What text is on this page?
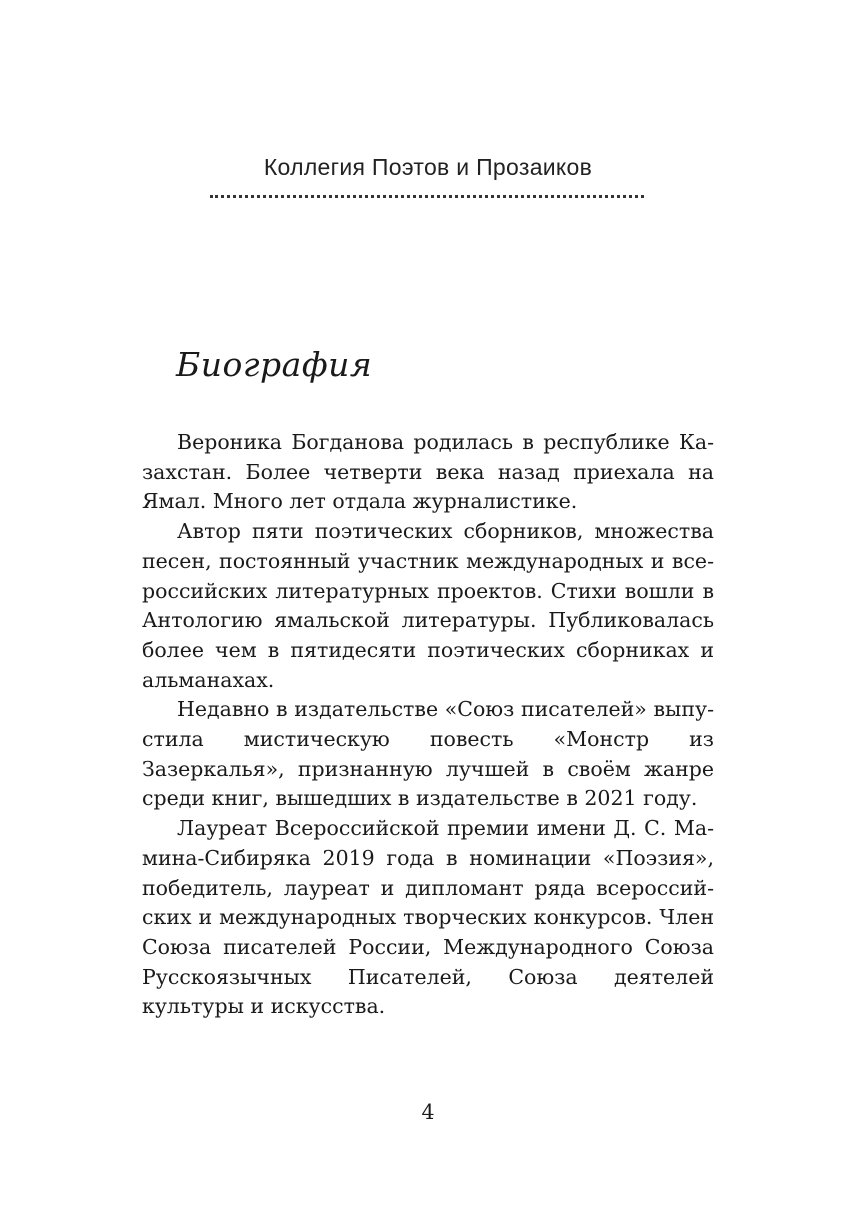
Коллегия Поэтов и Прозаиков
Биография

Вероника Богданова родилась в республике Казахстан. Более четверти века назад приехала на Ямал. Много лет отдала журналистике.

Автор пяти поэтических сборников, множества песен, постоянный участник международных и всероссийских литературных проектов. Стихи вошли в Антологию ямальской литературы. Публиковалась более чем в пятидесяти поэтических сборниках и альманахах.

Недавно в издательстве «Союз писателей» выпустила мистическую повесть «Монстр из Зазеркалья», признанную лучшей в своём жанре среди книг, вышедших в издательстве в 2021 году.

Лауреат Всероссийской премии имени Д. С. Мамина-Сибиряка 2019 года в номинации «Поэзия», победитель, лауреат и дипломант ряда всероссийских и международных творческих конкурсов. Член Союза писателей России, Международного Союза Русскоязычных Писателей, Союза деятелей культуры и искусства.

4
